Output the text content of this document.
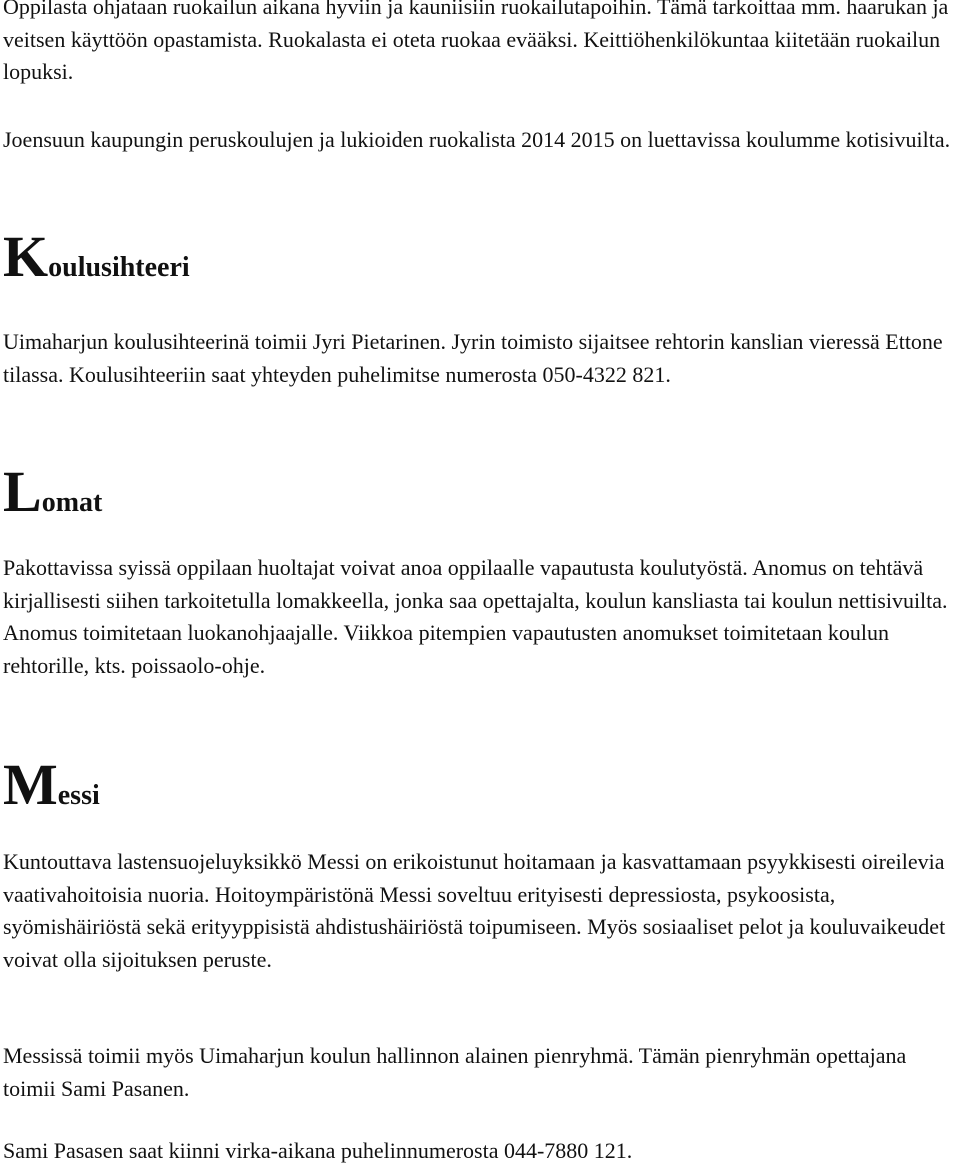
Oppilasta ohjataan ruokailun aikana hyviin ja kauniisiin ruokailutapoihin. Tämä tarkoittaa mm. haarukan ja veitsen käyttöön opastamista. Ruokalasta ei oteta ruokaa evääksi. Keittiöhenkilökuntaa kiitetään ruokailun lopuksi.

Joensuun kaupungin peruskoulujen ja lukioiden ruokalista 2014 2015 on luettavissa koulumme kotisivuilta.

Koulusihteeri

Uimaharjun koulusihteerinä toimii Jyri Pietarinen. Jyrin toimisto sijaitsee rehtorin kanslian vieressä Ettone tilassa. Koulusihteeriin saat yhteyden puhelimitse numerosta 050-4322 821.

Lomat

Pakottavissa syissä oppilaan huoltajat voivat anoa oppilaalle vapautusta koulutyöstä. Anomus on tehtävä kirjallisesti siihen tarkoitetulla lomakkeella, jonka saa opettajalta, koulun kansliasta tai koulun nettisivuilta. Anomus toimitetaan luokanohjaajalle. Viikkoa pitempien vapautusten anomukset toimitetaan koulun rehtorille, kts. poissaolo-ohje.

Messi

Kuntouttava lastensuojeluyksikkö Messi on erikoistunut hoitamaan ja kasvattamaan psyykkisesti oireilevia vaativahoitoisia nuoria. Hoitoympäristönä Messi soveltuu erityisesti depressiosta, psykoosista, syömishäiriöstä sekä erityyppisistä ahdistushäiriöstä toipumiseen. Myös sosiaaliset pelot ja kouluvaikeudet voivat olla sijoituksen peruste.

Messissä toimii myös Uimaharjun koulun hallinnon alainen pienryhmä. Tämän pienryhmän opettajana toimii Sami Pasanen.

Sami Pasasen saat kiinni virka-aikana puhelinnumerosta 044-7880 121.
